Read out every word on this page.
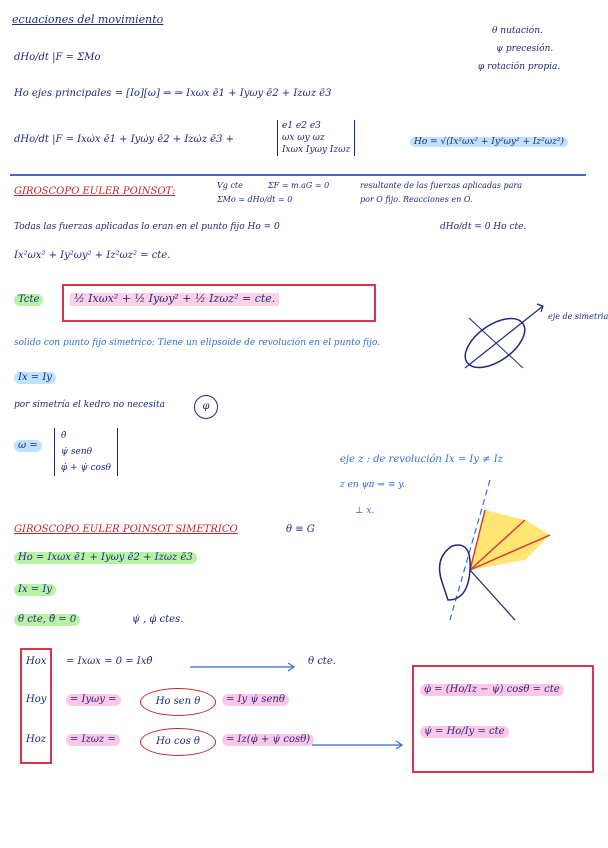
ecuaciones del movimiento
θ nutación.
ψ precesión.
φ rotación propia.
dHo/dt |F = ΣMo
Ho ejes principales = [Io][ω] ⇒ ⇒ Ixωx ē1 + Iyωy ē2 + Izωz ē3
dHo/dt |F = Ixω̇x ē1 + Iyω̇y ē2 + Izω̇z ē3 +
e1 e2 e3
ωx ωy ωz
Ixωx Iyωy Izωz
Ho = √(Ix²ωx² + Iy²ωy² + Iz²ωz²)
GIROSCOPO EULER POINSOT:
Vg cte
ΣMo = dHo/dt = 0
ΣF = m.aG = 0	resultante de las fuerzas aplicadas para
por O fijo. Reacciones en O.
Todas las fuerzas aplicadas lo eran en el punto fijo Ho = 0	dHo/dt = 0 Ho cte.
Ix²ωx² + Iy²ωy² + Iz²ωz² = cte.
Tcte	½ Ixωx² + ½ Iyωy² + ½ Izωz² = cte.
eje de simetria
solido con punto fijo simetrico: Tiene un elipsoide de revolución en el punto fijo.
Ix = Iy
por simetría el kedro no necesita	φ
ω =
θ̇
ψ̇ senθ
φ̇ + ψ̇ cosθ
eje z : de revolución Ix = Iy ≠ Iz
z en ψπ ⇒ ≡ y.
⊥ x.
GIROSCOPO EULER POINSOT SIMETRICO	θ ≡ G
Ho = Ixωx ē1 + Iyωy ē2 + Izωz ē3
Ix = Iy
θ cte, θ̇ = 0	ψ̇ , φ̇ ctes.
Hox = Ixωx = 0 = Ixθ̇	θ cte.
Hoy	= Iyωy =	Ho sen θ	= Iy ψ̇ senθ
Hoz	= Izωz =	Ho cos θ	= Iz(φ̇ + ψ̇ cosθ)
φ̇ = (Ho/Iz − ψ̇) cosθ = cte
ψ̇ = Ho/Iy = cte
